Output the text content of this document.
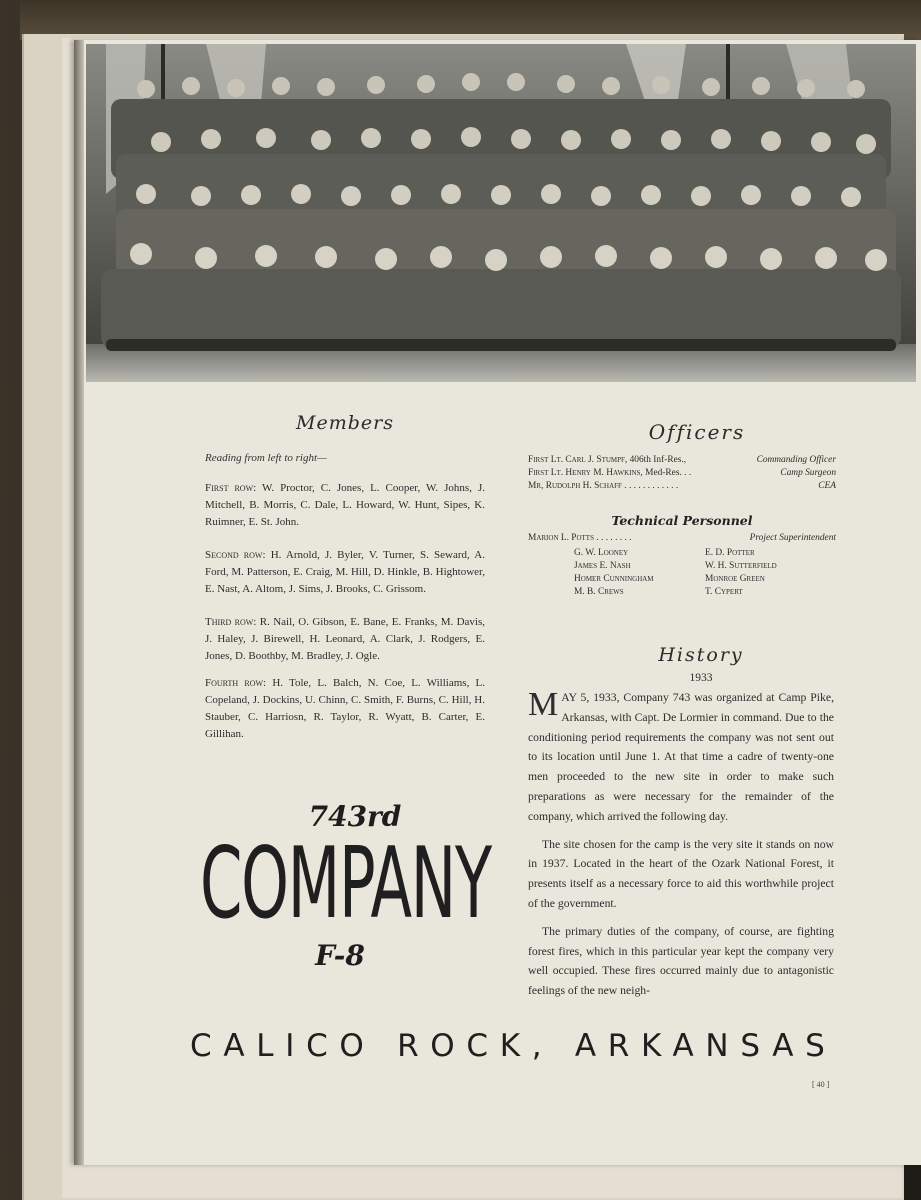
Members
Reading from left to right—
First row: W. Proctor, C. Jones, L. Cooper, W. Johns, J. Mitchell, B. Morris, C. Dale, L. Howard, W. Hunt, Sipes, K. Ruimner, E. St. John.
Second row: H. Arnold, J. Byler, V. Turner, S. Seward, A. Ford, M. Patterson, E. Craig, M. Hill, D. Hinkle, B. Hightower, E. Nast, A. Altom, J. Sims, J. Brooks, C. Grissom.
Third row: R. Nail, O. Gibson, E. Bane, E. Franks, M. Davis, J. Haley, J. Birewell, H. Leonard, A. Clark, J. Rodgers, E. Jones, D. Boothby, M. Bradley, J. Ogle.
Fourth row: H. Tole, L. Balch, N. Coe, L. Williams, L. Copeland, J. Dockins, U. Chinn, C. Smith, F. Burns, C. Hill, H. Stauber, C. Harriosn, R. Taylor, R. Wyatt, B. Carter, E. Gillihan.
Officers
First Lt. Carl J. Stumpf, 406th Inf-Res.,	Commanding Officer
First Lt. Henry M. Hawkins, Med-Res. . .	Camp Surgeon
Mr, Rudolph H. Schaff . . . . . . . . . . . .	CEA
Technical Personnel
Marion L. Potts . . . . . . . .	Project Superintendent
G. W. Looney	E. D. Potter
James E. Nash	W. H. Sutterfield
Homer Cunningham	Monroe Green
M. B. Crews	T. Cypert
History
1933

MAY 5, 1933, Company 743 was organized at Camp Pike, Arkansas, with Capt. De Lormier in command. Due to the conditioning period requirements the company was not sent out to its location until June 1. At that time a cadre of twenty-one men proceeded to the new site in order to make such preparations as were necessary for the remainder of the company, which arrived the following day.

The site chosen for the camp is the very site it stands on now in 1937. Located in the heart of the Ozark National Forest, it presents itself as a necessary force to aid this worthwhile project of the government.

The primary duties of the company, of course, are fighting forest fires, which in this particular year kept the company very well occupied. These fires occurred mainly due to antagonistic feelings of the new neigh-

743rd
COMPANY
F-8
CALICO ROCK, ARKANSAS
[ 40 ]
